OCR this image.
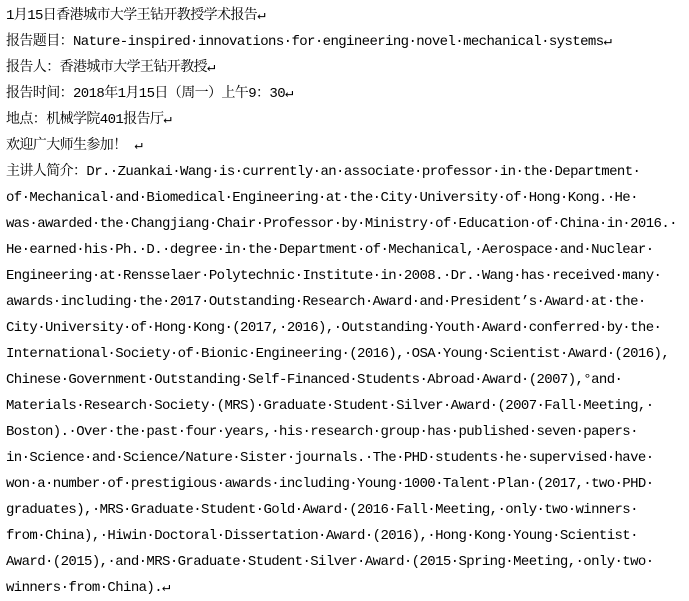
1月15日香港城市大学王钻开教授学术报告↵
报告题目：Nature-inspired·innovations·for·engineering·novel·mechanical·systems↵
报告人：香港城市大学王钻开教授↵
报告时间：2018年1月15日（周一）上午9：30↵
地点：机械学院401报告厅↵
欢迎广大师生参加！ ↵
主讲人简介：Dr.·Zuankai·Wang·is·currently·an·associate·professor·in·the·Department·
of·Mechanical·and·Biomedical·Engineering·at·the·City·University·of·Hong·Kong.·He·
was·awarded·the·Changjiang·Chair·Professor·by·Ministry·of·Education·of·China·in·2016.·
He·earned·his·Ph.·D.·degree·in·the·Department·of·Mechanical,·Aerospace·and·Nuclear·
Engineering·at·Rensselaer·Polytechnic·Institute·in·2008.·Dr.·Wang·has·received·many·
awards·including·the·2017·Outstanding·Research·Award·and·President’s·Award·at·the·
City·University·of·Hong·Kong·(2017,·2016),·Outstanding·Youth·Award·conferred·by·the·
International·Society·of·Bionic·Engineering·(2016),·OSA·Young·Scientist·Award·(2016),
Chinese·Government·Outstanding·Self-Financed·Students·Abroad·Award·(2007),°and·
Materials·Research·Society·(MRS)·Graduate·Student·Silver·Award·(2007·Fall·Meeting,·
Boston).·Over·the·past·four·years,·his·research·group·has·published·seven·papers·
in·Science·and·Science/Nature·Sister·journals.·The·PHD·students·he·supervised·have·
won·a·number·of·prestigious·awards·including·Young·1000·Talent·Plan·(2017,·two·PHD·
graduates),·MRS·Graduate·Student·Gold·Award·(2016·Fall·Meeting,·only·two·winners·
from·China),·Hiwin·Doctoral·Dissertation·Award·(2016),·Hong·Kong·Young·Scientist·
Award·(2015),·and·MRS·Graduate·Student·Silver·Award·(2015·Spring·Meeting,·only·two·
winners·from·China).↵
